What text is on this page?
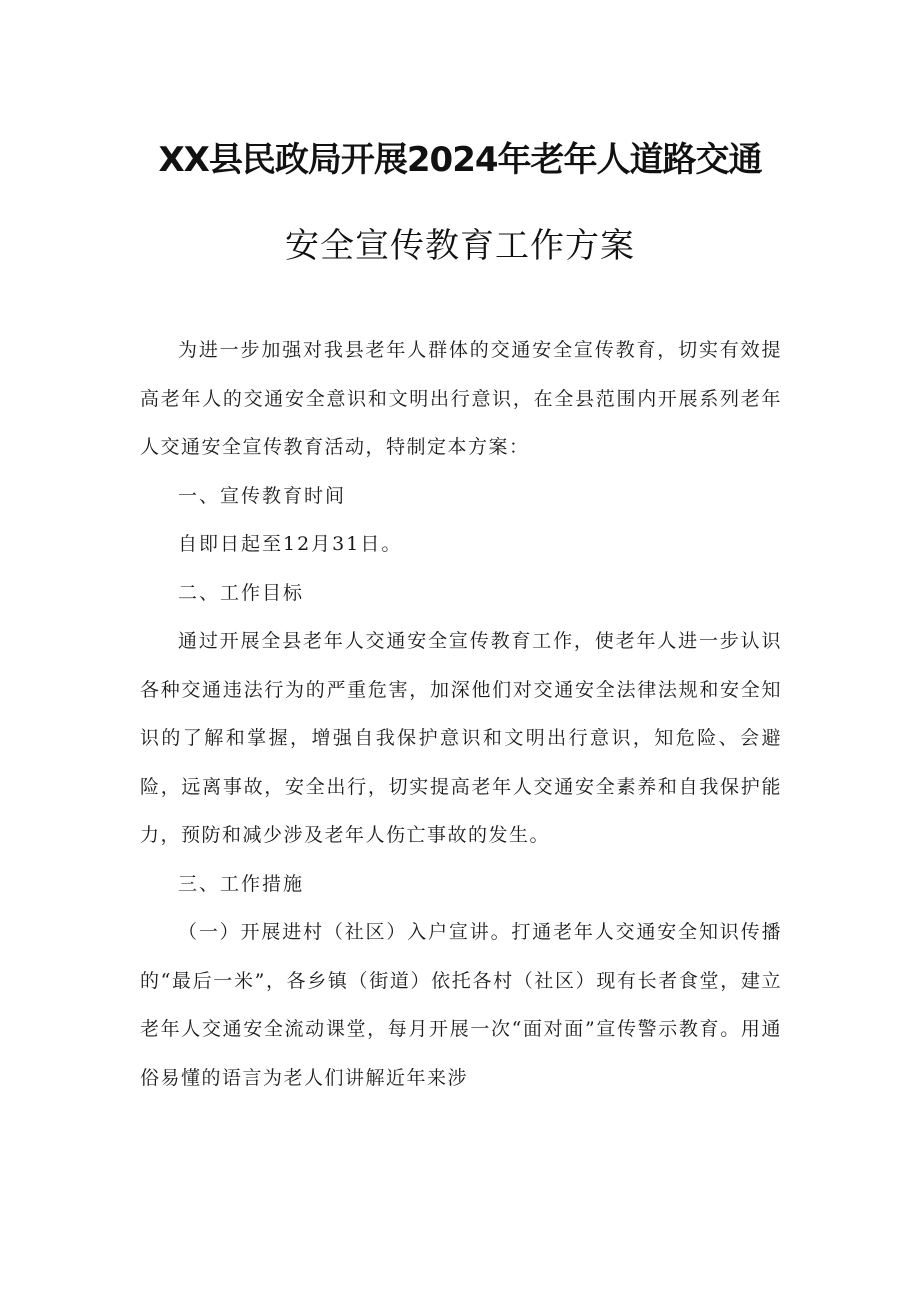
XX县民政局开展2024年老年人道路交通
安全宣传教育工作方案

为进一步加强对我县老年人群体的交通安全宣传教育，切实有效提高老年人的交通安全意识和文明出行意识，在全县范围内开展系列老年人交通安全宣传教育活动，特制定本方案：

一、宣传教育时间

自即日起至12月31日。

二、工作目标

通过开展全县老年人交通安全宣传教育工作，使老年人进一步认识各种交通违法行为的严重危害，加深他们对交通安全法律法规和安全知识的了解和掌握，增强自我保护意识和文明出行意识，知危险、会避险，远离事故，安全出行，切实提高老年人交通安全素养和自我保护能力，预防和减少涉及老年人伤亡事故的发生。

三、工作措施

（一）开展进村（社区）入户宣讲。打通老年人交通安全知识传播的“最后一米”，各乡镇（街道）依托各村（社区）现有长者食堂，建立老年人交通安全流动课堂，每月开展一次“面对面”宣传警示教育。用通俗易懂的语言为老人们讲解近年来涉
